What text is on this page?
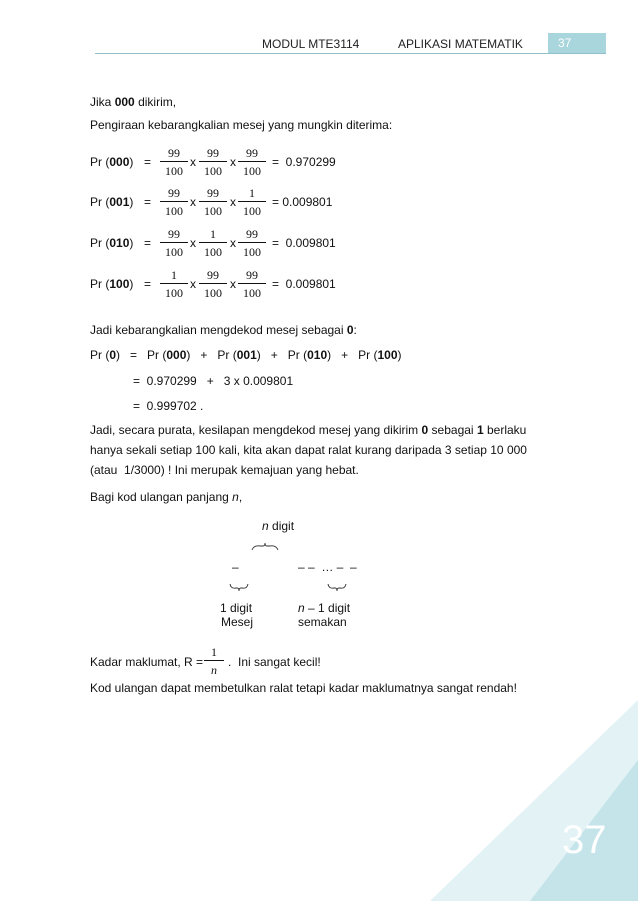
MODUL MTE3114	APLIKASI MATEMATIK	37
Jika 000 dikirim,
Pengiraan kebarangkalian mesej yang mungkin diterima:
Pr (000) =
99
100
99
100
99
100
x	x	=  0.970299
Pr (001) =
99
100
99
100
1
100
x	x	= 0.009801
Pr (010) =
99
100
1
100
99
100
x	x	=  0.009801
Pr (100) =
1
100
99
100
99
100
x	x	=  0.009801
Jadi kebarangkalian mengdekod mesej sebagai 0:
Pr (0)   =   Pr (000)   +   Pr (001)   +   Pr (010)   +   Pr (100)
=  0.970299   +   3 x 0.009801
=  0.999702 .
Jadi, secara purata, kesilapan mengdekod mesej yang dikirim 0 sebagai 1 berlaku
hanya sekali setiap 100 kali, kita akan dapat ralat kurang daripada 3 setiap 10 000
(atau  1/3000) ! Ini merupak kemajuan yang hebat.
Bagi kod ulangan panjang n,
n digit
–	– –  … –  –
1 digit
Mesej
n – 1 digit
semakan
Kadar maklumat, R =
1
n
.  Ini sangat kecil!
Kod ulangan dapat membetulkan ralat tetapi kadar maklumatnya sangat rendah!
37
